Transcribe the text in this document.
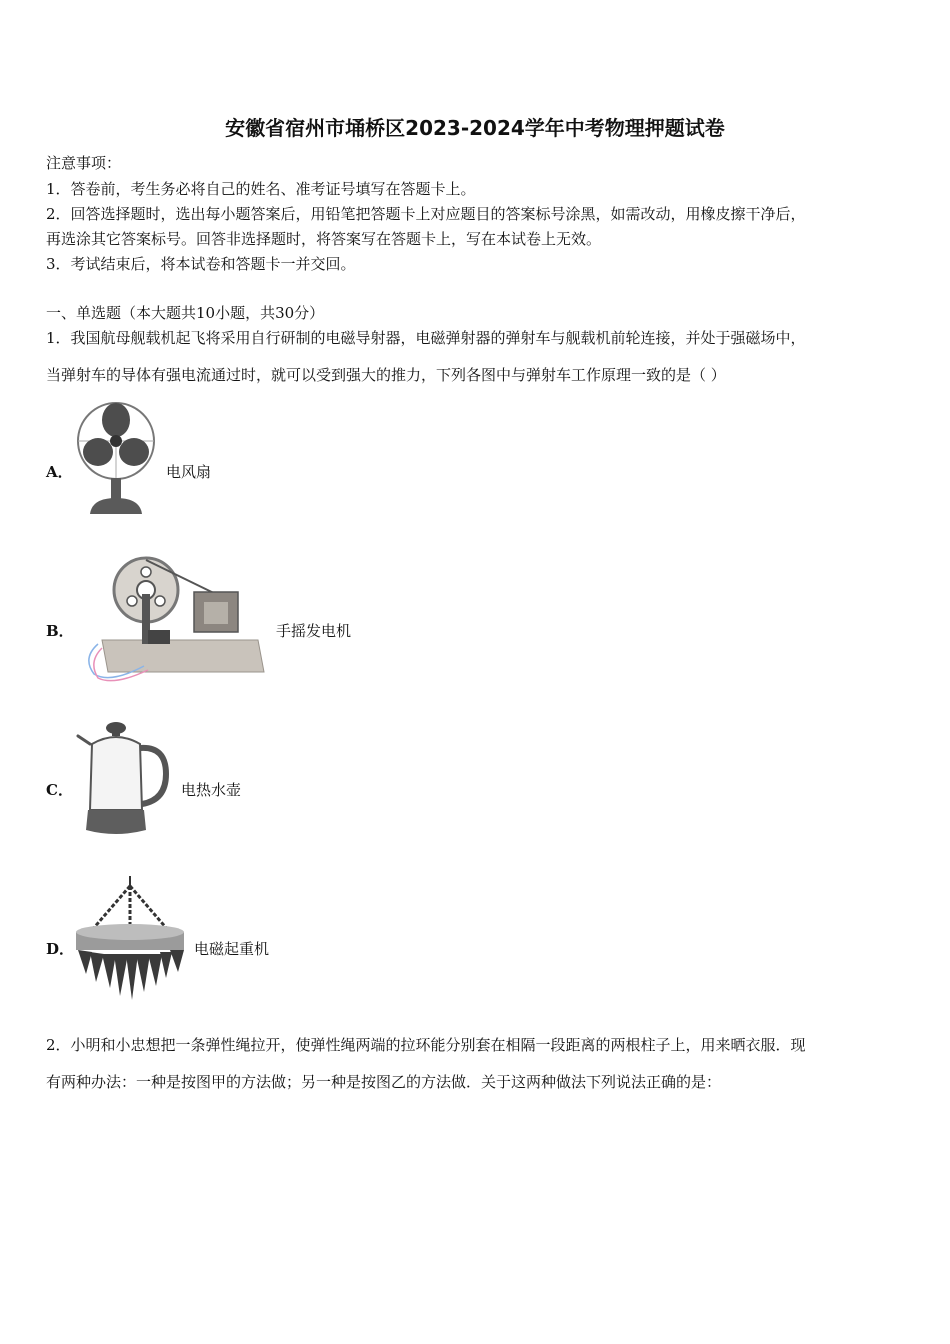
安徽省宿州市埇桥区2023-2024学年中考物理押题试卷
注意事项：
1．答卷前，考生务必将自己的姓名、准考证号填写在答题卡上。
2．回答选择题时，选出每小题答案后，用铅笔把答题卡上对应题目的答案标号涂黑，如需改动，用橡皮擦干净后，
再选涂其它答案标号。回答非选择题时，将答案写在答题卡上，写在本试卷上无效。
3．考试结束后，将本试卷和答题卡一并交回。
一、单选题（本大题共10小题，共30分）
1．我国航母舰载机起飞将采用自行研制的电磁导射器，电磁弹射器的弹射车与舰载机前轮连接，并处于强磁场中，
当弹射车的导体有强电流通过时，就可以受到强大的推力，下列各图中与弹射车工作原理一致的是（ ）
A．	电风扇
B．	手摇发电机
C．	电热水壶
D．	电磁起重机
2．小明和小忠想把一条弹性绳拉开，使弹性绳两端的拉环能分别套在相隔一段距离的两根柱子上，用来晒衣服．现
有两种办法：一种是按图甲的方法做；另一种是按图乙的方法做．关于这两种做法下列说法正确的是：
